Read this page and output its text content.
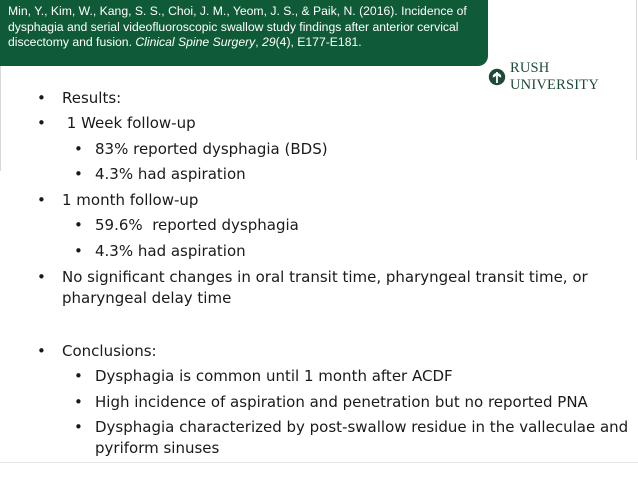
Min, Y., Kim, W., Kang, S. S., Choi, J. M., Yeom, J. S., & Paik, N. (2016). Incidence of dysphagia and serial videofluoroscopic swallow study findings after anterior cervical discectomy and fusion. Clinical Spine Surgery, 29(4), E177-E181.

RUSH UNIVERSITY
• Results:
• 1 Week follow-up
• 83% reported dysphagia (BDS)
• 4.3% had aspiration
• 1 month follow-up
• 59.6%  reported dysphagia
• 4.3% had aspiration
• No significant changes in oral transit time, pharyngeal transit time, or
pharyngeal delay time
• Conclusions:
• Dysphagia is common until 1 month after ACDF
• High incidence of aspiration and penetration but no reported PNA
• Dysphagia characterized by post-swallow residue in the valleculae and
pyriform sinuses
